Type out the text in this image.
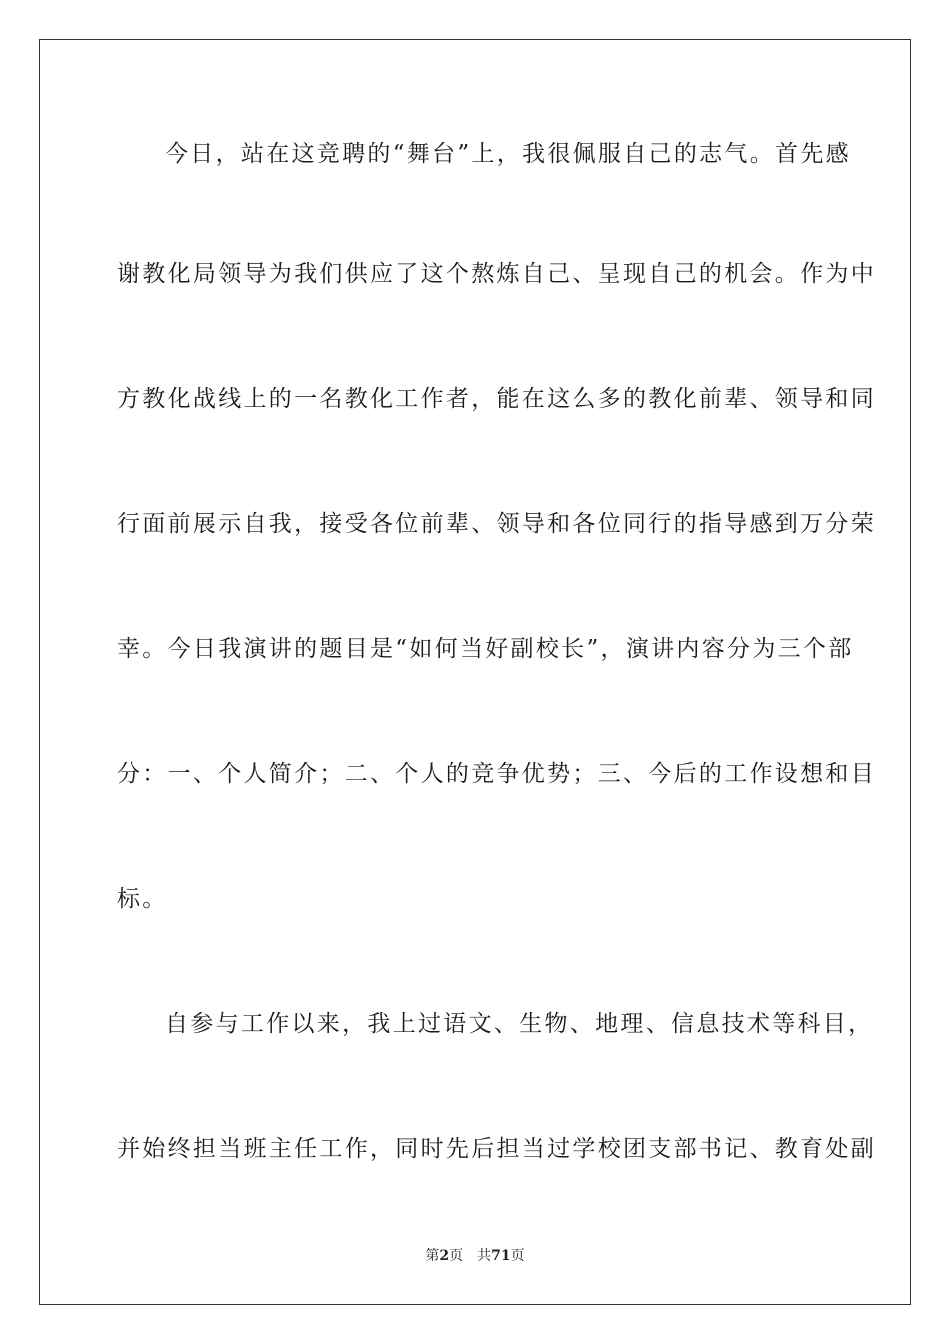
今日，站在这竞聘的“舞台”上，我很佩服自己的志气。首先感
谢教化局领导为我们供应了这个熬炼自己、呈现自己的机会。作为中
方教化战线上的一名教化工作者，能在这么多的教化前辈、领导和同
行面前展示自我，接受各位前辈、领导和各位同行的指导感到万分荣
幸。今日我演讲的题目是“如何当好副校长”，演讲内容分为三个部
分：一、个人简介；二、个人的竞争优势；三、今后的工作设想和目
标。
自参与工作以来，我上过语文、生物、地理、信息技术等科目，
并始终担当班主任工作，同时先后担当过学校团支部书记、教育处副
第2页 共71页
